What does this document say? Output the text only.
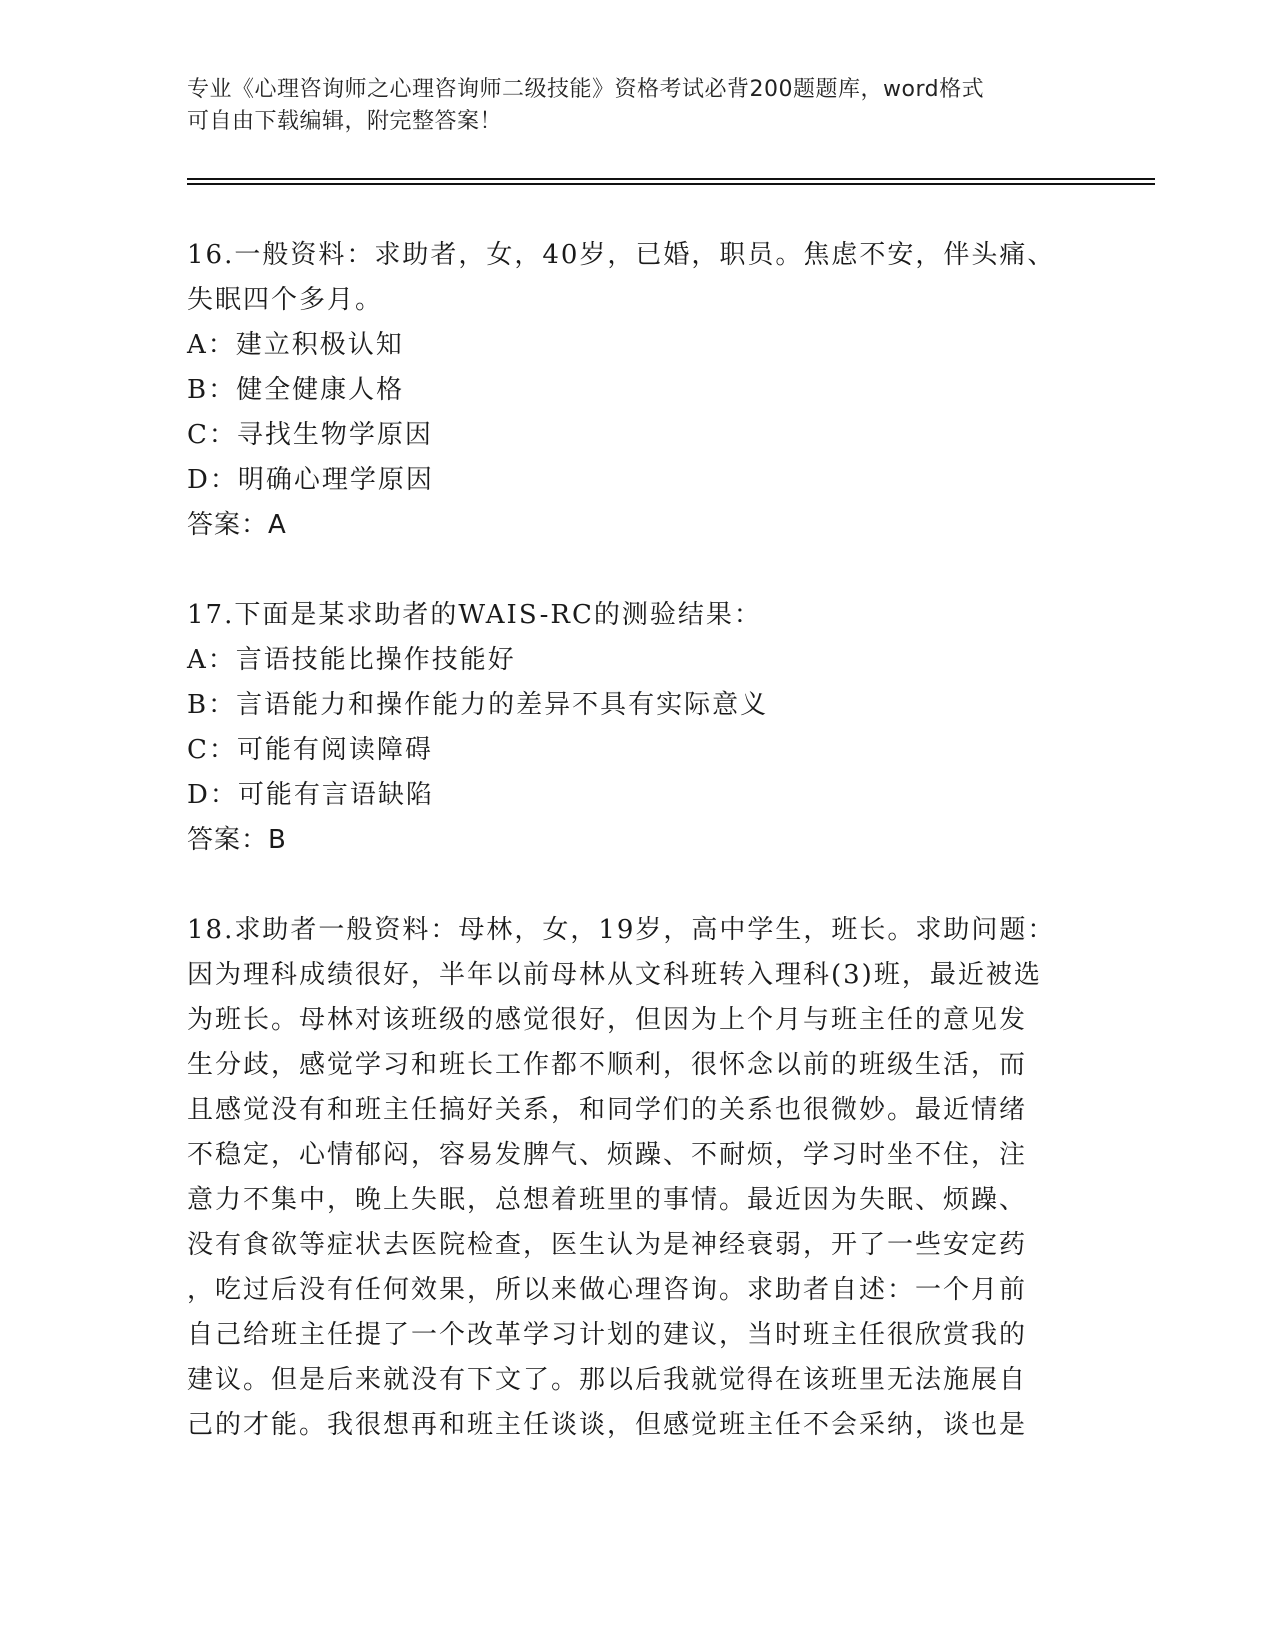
专业《心理咨询师之心理咨询师二级技能》资格考试必背200题题库，word格式
可自由下载编辑，附完整答案！
16.一般资料：求助者，女，40岁，已婚，职员。焦虑不安，伴头痛、
失眠四个多月。
A：建立积极认知
B：健全健康人格
C：寻找生物学原因
D：明确心理学原因
答案：A
17.下面是某求助者的WAIS-RC的测验结果：
A：言语技能比操作技能好
B：言语能力和操作能力的差异不具有实际意义
C：可能有阅读障碍
D：可能有言语缺陷
答案：B
18.求助者一般资料：母林，女，19岁，高中学生，班长。求助问题：
因为理科成绩很好，半年以前母林从文科班转入理科(3)班，最近被选
为班长。母林对该班级的感觉很好，但因为上个月与班主任的意见发
生分歧，感觉学习和班长工作都不顺利，很怀念以前的班级生活，而
且感觉没有和班主任搞好关系，和同学们的关系也很微妙。最近情绪
不稳定，心情郁闷，容易发脾气、烦躁、不耐烦，学习时坐不住，注
意力不集中，晚上失眠，总想着班里的事情。最近因为失眠、烦躁、
没有食欲等症状去医院检查，医生认为是神经衰弱，开了一些安定药
，吃过后没有任何效果，所以来做心理咨询。求助者自述：一个月前
自己给班主任提了一个改革学习计划的建议，当时班主任很欣赏我的
建议。但是后来就没有下文了。那以后我就觉得在该班里无法施展自
己的才能。我很想再和班主任谈谈，但感觉班主任不会采纳，谈也是
